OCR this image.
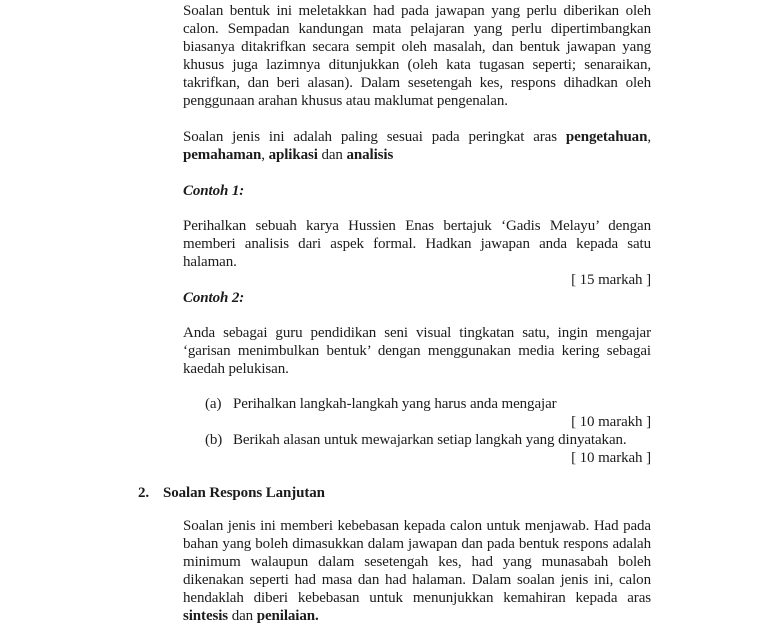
Soalan bentuk ini meletakkan had pada jawapan yang perlu diberikan oleh calon. Sempadan kandungan mata pelajaran yang perlu dipertimbangkan biasanya ditakrifkan secara sempit oleh masalah, dan bentuk jawapan yang khusus juga lazimnya ditunjukkan (oleh kata tugasan seperti; senaraikan, takrifkan, dan beri alasan). Dalam sesetengah kes, respons dihadkan oleh penggunaan arahan khusus atau maklumat pengenalan.

Soalan jenis ini adalah paling sesuai pada peringkat aras pengetahuan, pemahaman, aplikasi dan analisis

Contoh 1:

Perihalkan sebuah karya Hussien Enas bertajuk ‘Gadis Melayu’ dengan memberi analisis dari aspek formal. Hadkan jawapan anda kepada satu halaman.

[ 15 markah ]

Contoh 2:

Anda sebagai guru pendidikan seni visual tingkatan satu, ingin mengajar ‘garisan menimbulkan bentuk’ dengan menggunakan media kering sebagai kaedah pelukisan.

(a) Perihalkan langkah-langkah yang harus anda mengajar

[ 10 marakh ]

(b) Berikah alasan untuk mewajarkan setiap langkah yang dinyatakan.

[ 10 markah ]

2. Soalan Respons Lanjutan

Soalan jenis ini memberi kebebasan kepada calon untuk menjawab. Had pada bahan yang boleh dimasukkan dalam jawapan dan pada bentuk respons adalah minimum walaupun dalam sesetengah kes, had yang munasabah boleh dikenakan seperti had masa dan had halaman. Dalam soalan jenis ini, calon hendaklah diberi kebebasan untuk menunjukkan kemahiran kepada aras sintesis dan penilaian.
